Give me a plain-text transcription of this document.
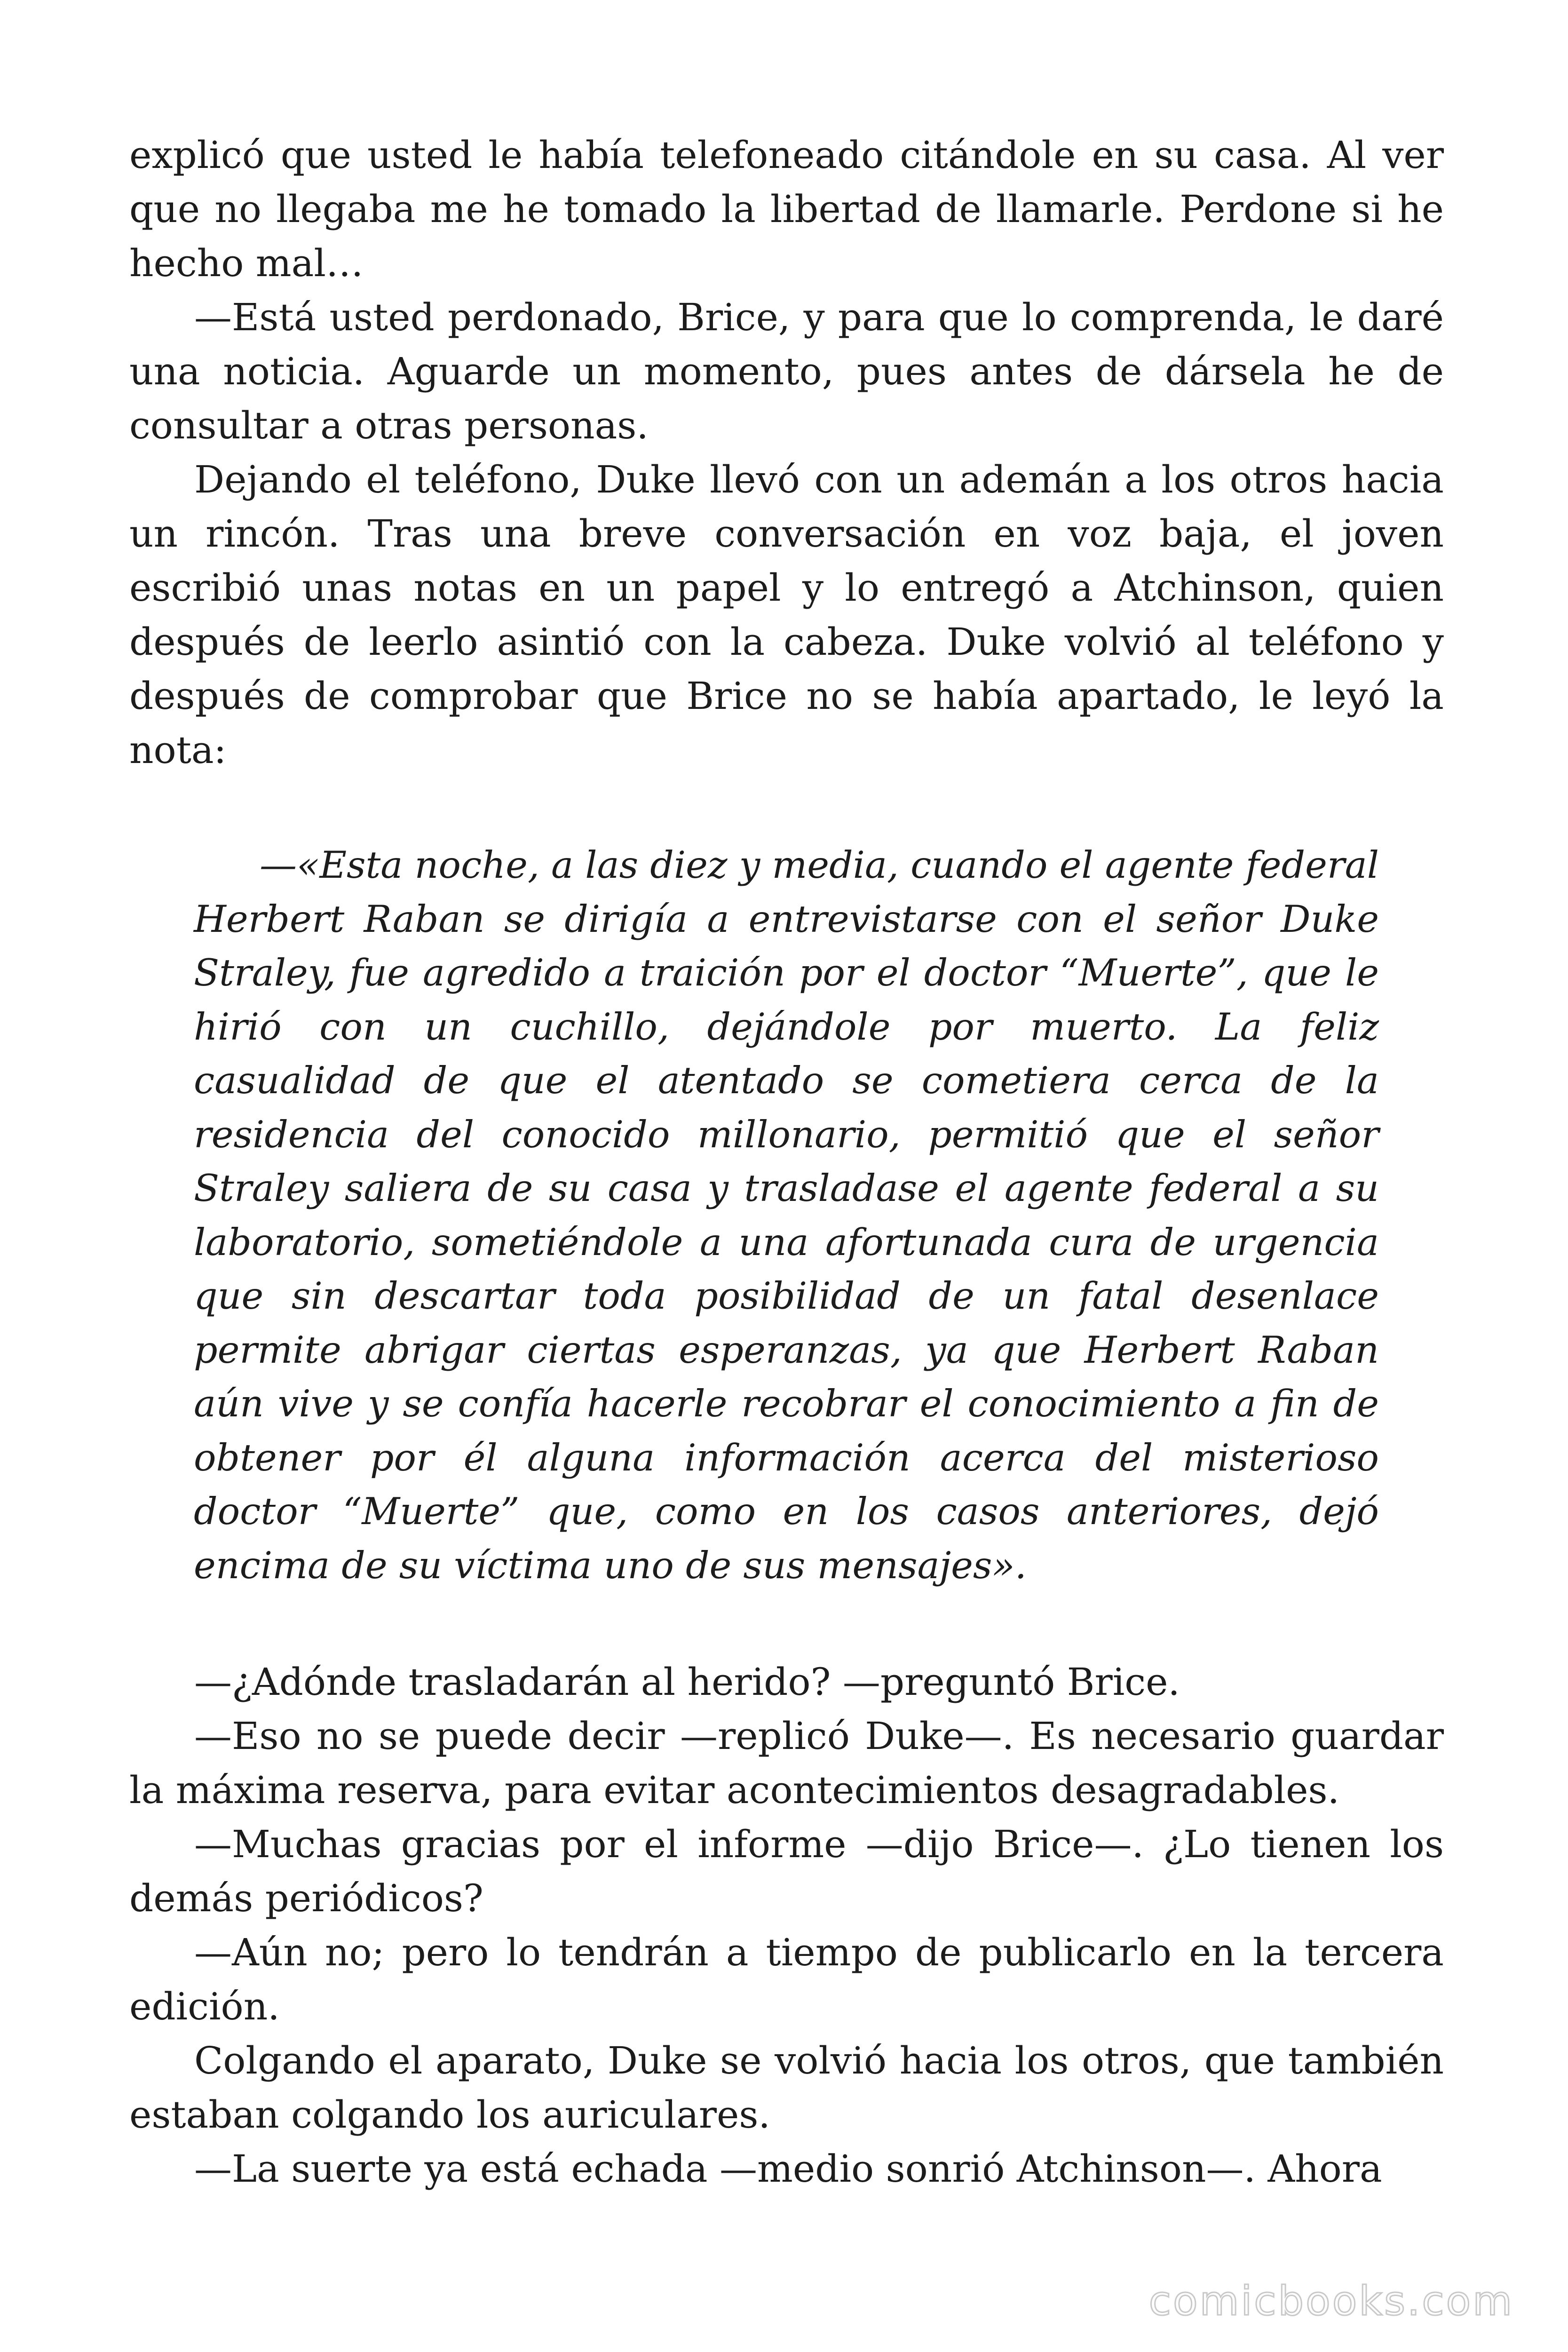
explicó que usted le había telefoneado citándole en su casa. Al ver que no llegaba me he tomado la libertad de llamarle. Perdone si he hecho mal…

—Está usted perdonado, Brice, y para que lo comprenda, le daré una noticia. Aguarde un momento, pues antes de dársela he de consultar a otras personas.

Dejando el teléfono, Duke llevó con un ademán a los otros hacia un rincón. Tras una breve conversación en voz baja, el joven escribió unas notas en un papel y lo entregó a Atchinson, quien después de leerlo asintió con la cabeza. Duke volvió al teléfono y después de comprobar que Brice no se había apartado, le leyó la nota:

—«Esta noche, a las diez y media, cuando el agente federal Herbert Raban se dirigía a entrevistarse con el señor Duke Straley, fue agredido a traición por el doctor “Muerte”, que le hirió con un cuchillo, dejándole por muerto. La feliz casualidad de que el atentado se cometiera cerca de la residencia del conocido millonario, permitió que el señor Straley saliera de su casa y trasladase el agente federal a su laboratorio, sometiéndole a una afortunada cura de urgencia que sin descartar toda posibilidad de un fatal desenlace permite abrigar ciertas esperanzas, ya que Herbert Raban aún vive y se confía hacerle recobrar el conocimiento a fin de obtener por él alguna información acerca del misterioso doctor “Muerte” que, como en los casos anteriores, dejó encima de su víctima uno de sus mensajes».

—¿Adónde trasladarán al herido? —preguntó Brice.

—Eso no se puede decir —replicó Duke—. Es necesario guardar la máxima reserva, para evitar acontecimientos desagradables.

—Muchas gracias por el informe —dijo Brice—. ¿Lo tienen los demás periódicos?

—Aún no; pero lo tendrán a tiempo de publicarlo en la tercera edición.

Colgando el aparato, Duke se volvió hacia los otros, que también estaban colgando los auriculares.

—La suerte ya está echada —medio sonrió Atchinson—. Ahora

comicbooks.com
